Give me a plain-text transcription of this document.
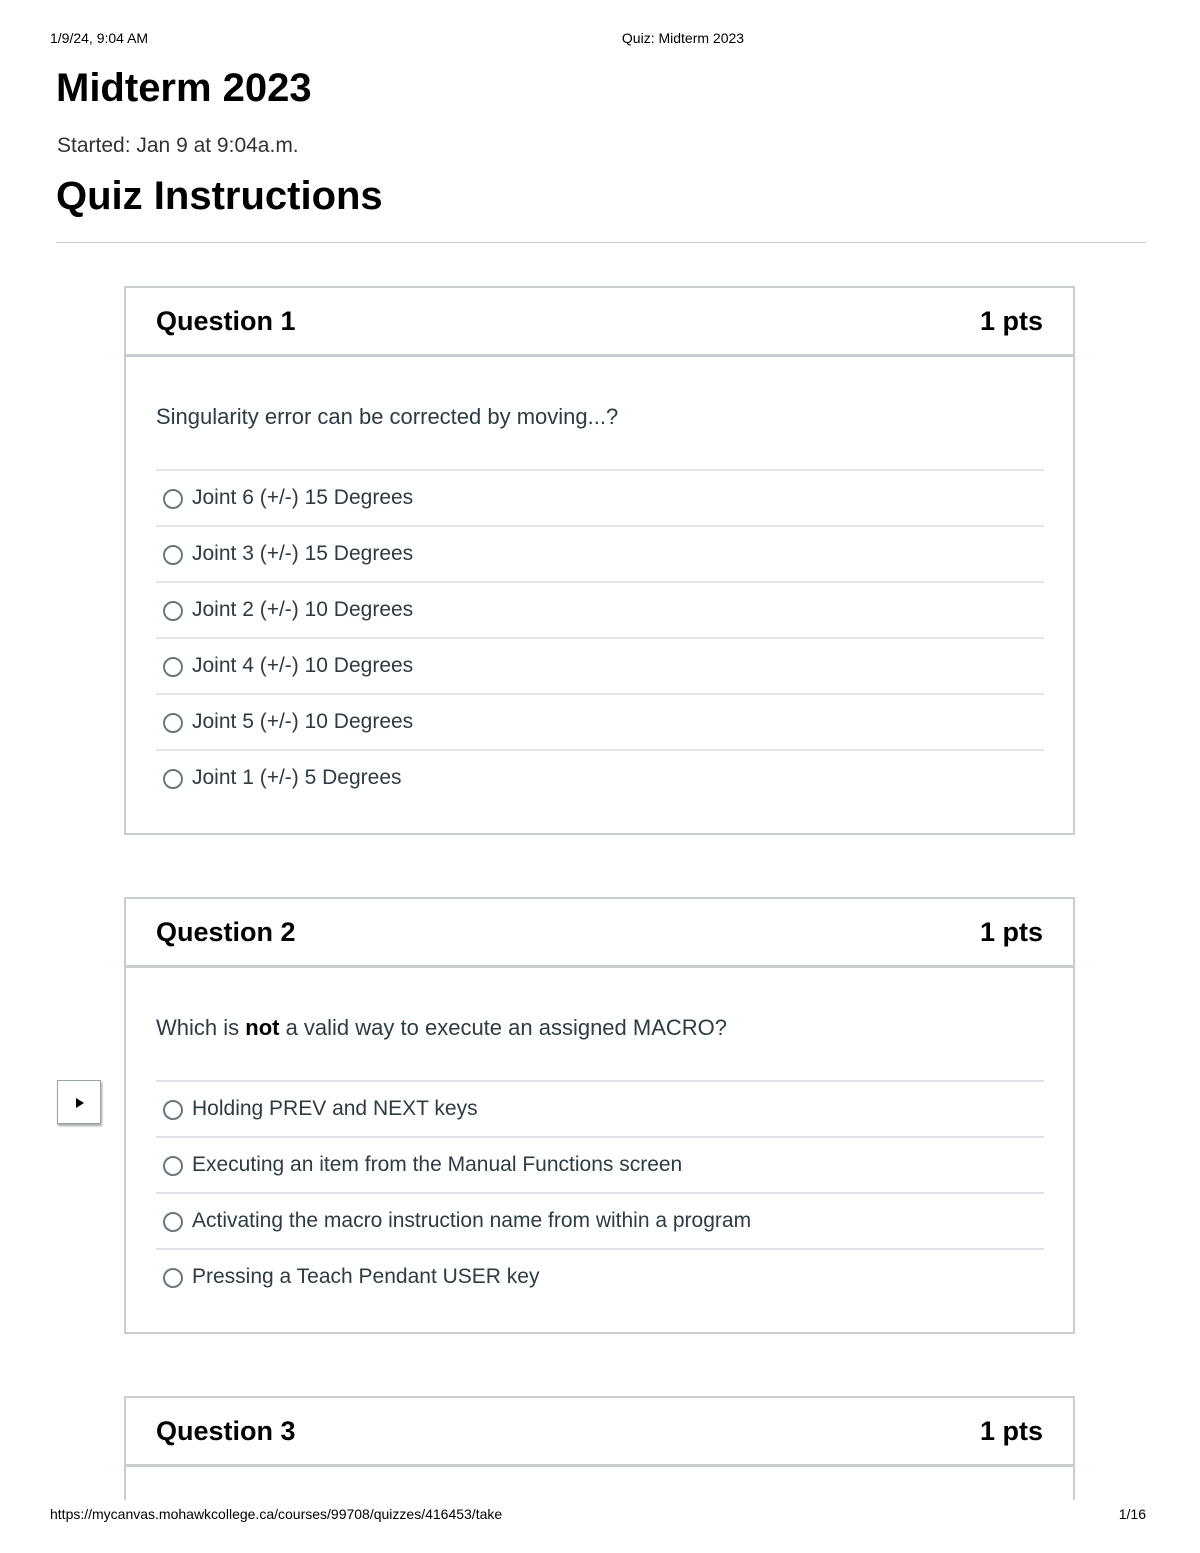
1/9/24, 9:04 AM	Quiz: Midterm 2023
Midterm 2023
Started: Jan 9 at 9:04a.m.
Quiz Instructions
Question 1	1 pts
Singularity error can be corrected by moving...?
Joint 6 (+/-) 15 Degrees
Joint 3 (+/-) 15 Degrees
Joint 2 (+/-) 10 Degrees
Joint 4 (+/-) 10 Degrees
Joint 5 (+/-) 10 Degrees
Joint 1 (+/-) 5 Degrees
Question 2	1 pts
Which is not a valid way to execute an assigned MACRO?
Holding PREV and NEXT keys
Executing an item from the Manual Functions screen
Activating the macro instruction name from within a program
Pressing a Teach Pendant USER key
Question 3	1 pts
https://mycanvas.mohawkcollege.ca/courses/99708/quizzes/416453/take	1/16
